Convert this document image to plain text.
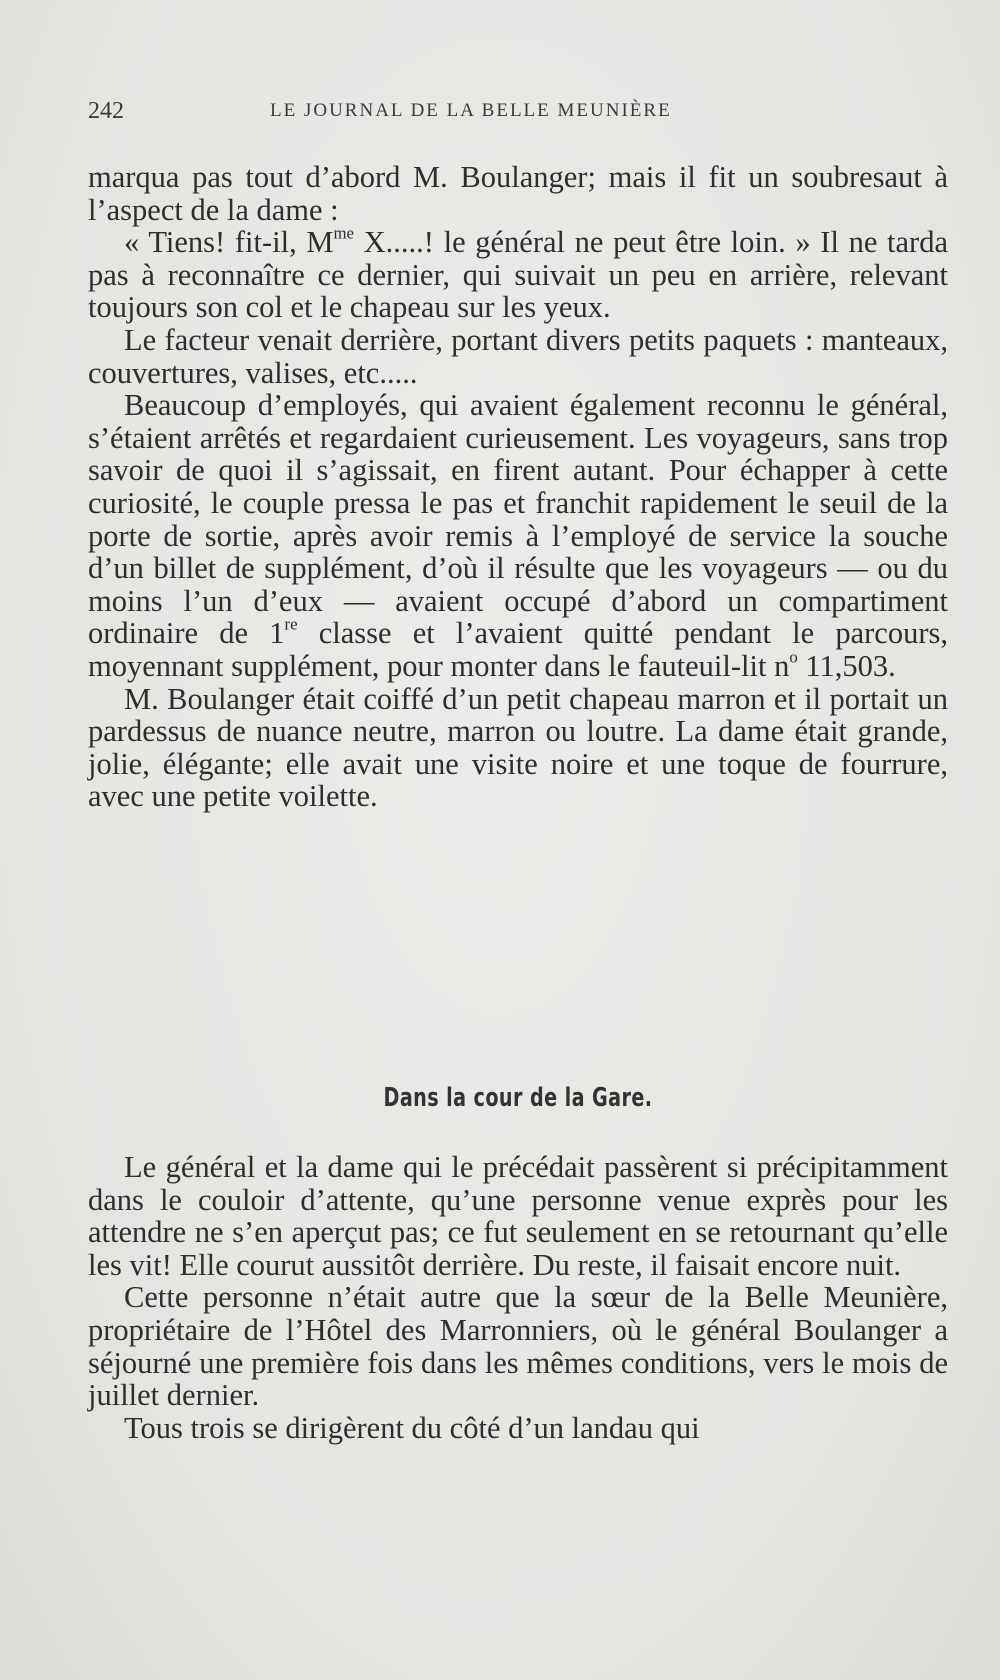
242	LE JOURNAL DE LA BELLE MEUNIÈRE

marqua pas tout d’abord M. Boulanger; mais il fit un soubresaut à l’aspect de la dame :

« Tiens! fit-il, $M^{me}$ X.....! le général ne peut être loin. » Il ne tarda pas à reconnaître ce dernier, qui suivait un peu en arrière, relevant toujours son col et le chapeau sur les yeux.

Le facteur venait derrière, portant divers petits paquets : manteaux, couvertures, valises, etc.....

Beaucoup d’employés, qui avaient également reconnu le général, s’étaient arrêtés et regardaient curieusement. Les voyageurs, sans trop savoir de quoi il s’agissait, en firent autant. Pour échapper à cette curiosité, le couple pressa le pas et franchit rapidement le seuil de la porte de sortie, après avoir remis à l’employé de service la souche d’un billet de supplément, d’où il résulte que les voyageurs — ou du moins l’un d’eux — avaient occupé d’abord un compartiment ordinaire de 1re classe et l’avaient quitté pendant le parcours, moyennant supplément, pour monter dans le fauteuil-lit $n^o$ 11,503.

M. Boulanger était coiffé d’un petit chapeau marron et il portait un pardessus de nuance neutre, marron ou loutre. La dame était grande, jolie, élégante; elle avait une visite noire et une toque de fourrure, avec une petite voilette.

Dans la cour de la Gare.

Le général et la dame qui le précédait passèrent si précipitamment dans le couloir d’attente, qu’une personne venue exprès pour les attendre ne s’en aperçut pas; ce fut seulement en se retournant qu’elle les vit! Elle courut aussitôt derrière. Du reste, il faisait encore nuit.

Cette personne n’était autre que la sœur de la Belle Meunière, propriétaire de l’Hôtel des Marronniers, où le général Boulanger a séjourné une première fois dans les mêmes conditions, vers le mois de juillet dernier.

Tous trois se dirigèrent du côté d’un landau qui
